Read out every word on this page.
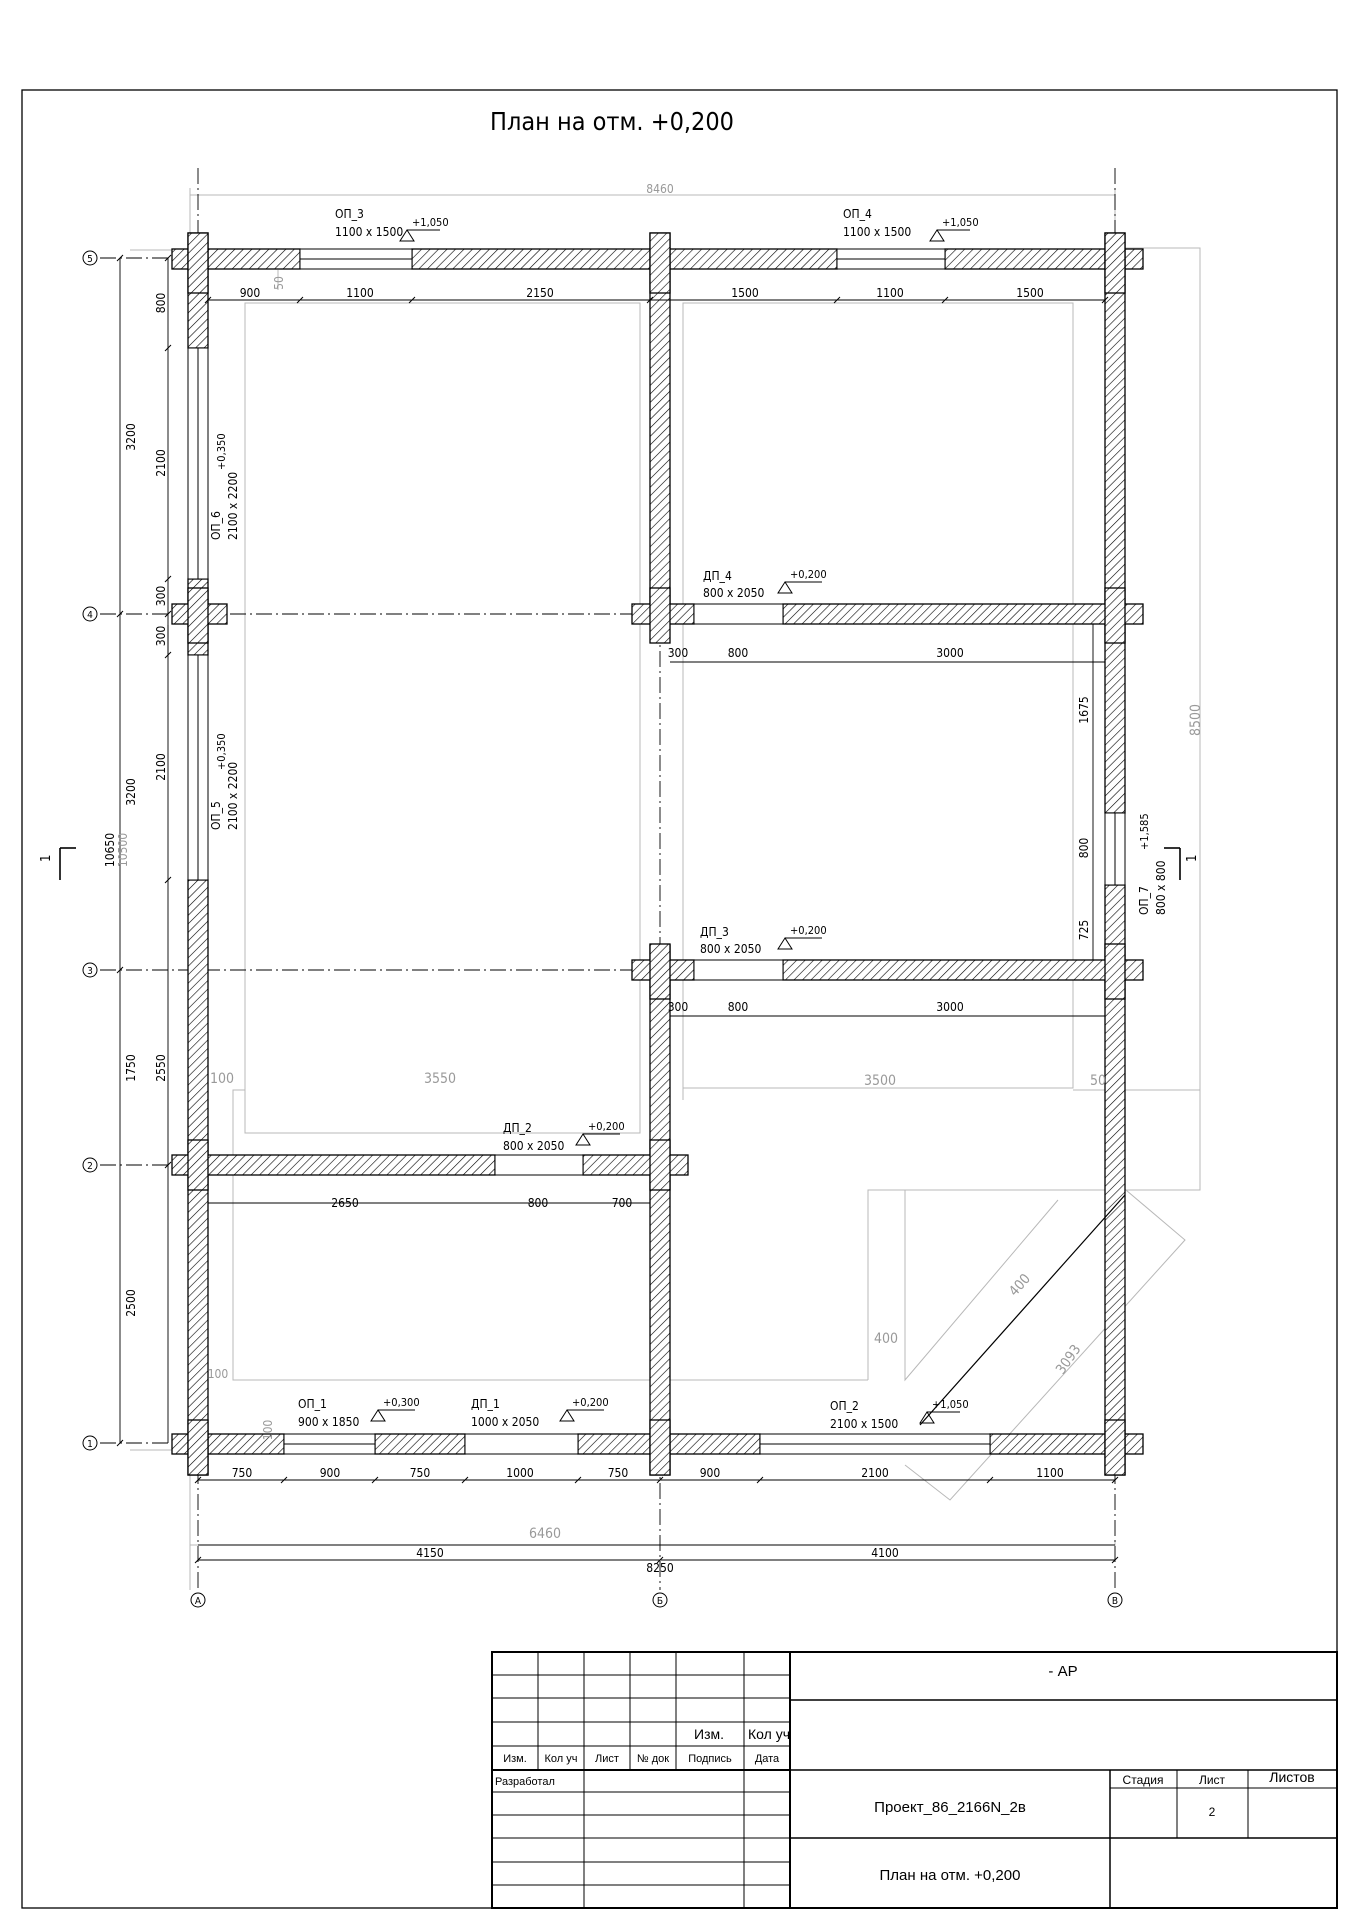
План на отм. +0,200
5
4
3
2
1
А	Б	В
8460
900	1100	2150	1500	1100	1500
50
750	900	750	1000	750	900	2100	1100
6460
4150	4100
8250
3200
3200
2550
2500
800
2100
300
300
2100
1750
10650 10500
8500
1675
800
725
300	800	3000
300	800	3000
2650	800	700
100	3550	3500	50
400
400
3093
100
100
ОП_3
1100 x 1500
+1,050
ОП_4
1100 x 1500
+1,050
ОП_6 2100 x 2200
+0,350
ОП_5 2100 x 2200
+0,350
ДП_4
800 x 2050
+0,200
ДП_3
800 x 2050
+0,200
ОП_7 800 x 800
+1,585
ДП_2
800 x 2050
+0,200
ОП_1
900 x 1850
+0,300	ДП_1
1000 x 2050
+0,200	ОП_2
2100 x 1500
+1,050
1	1
- АР
Изм. Кол уч
Изм. Кол уч Лист № док Подпись Дата
Разработал
Проект_86_2166N_2в
План на отм. +0,200
Стадия	Лист	Листов
2
